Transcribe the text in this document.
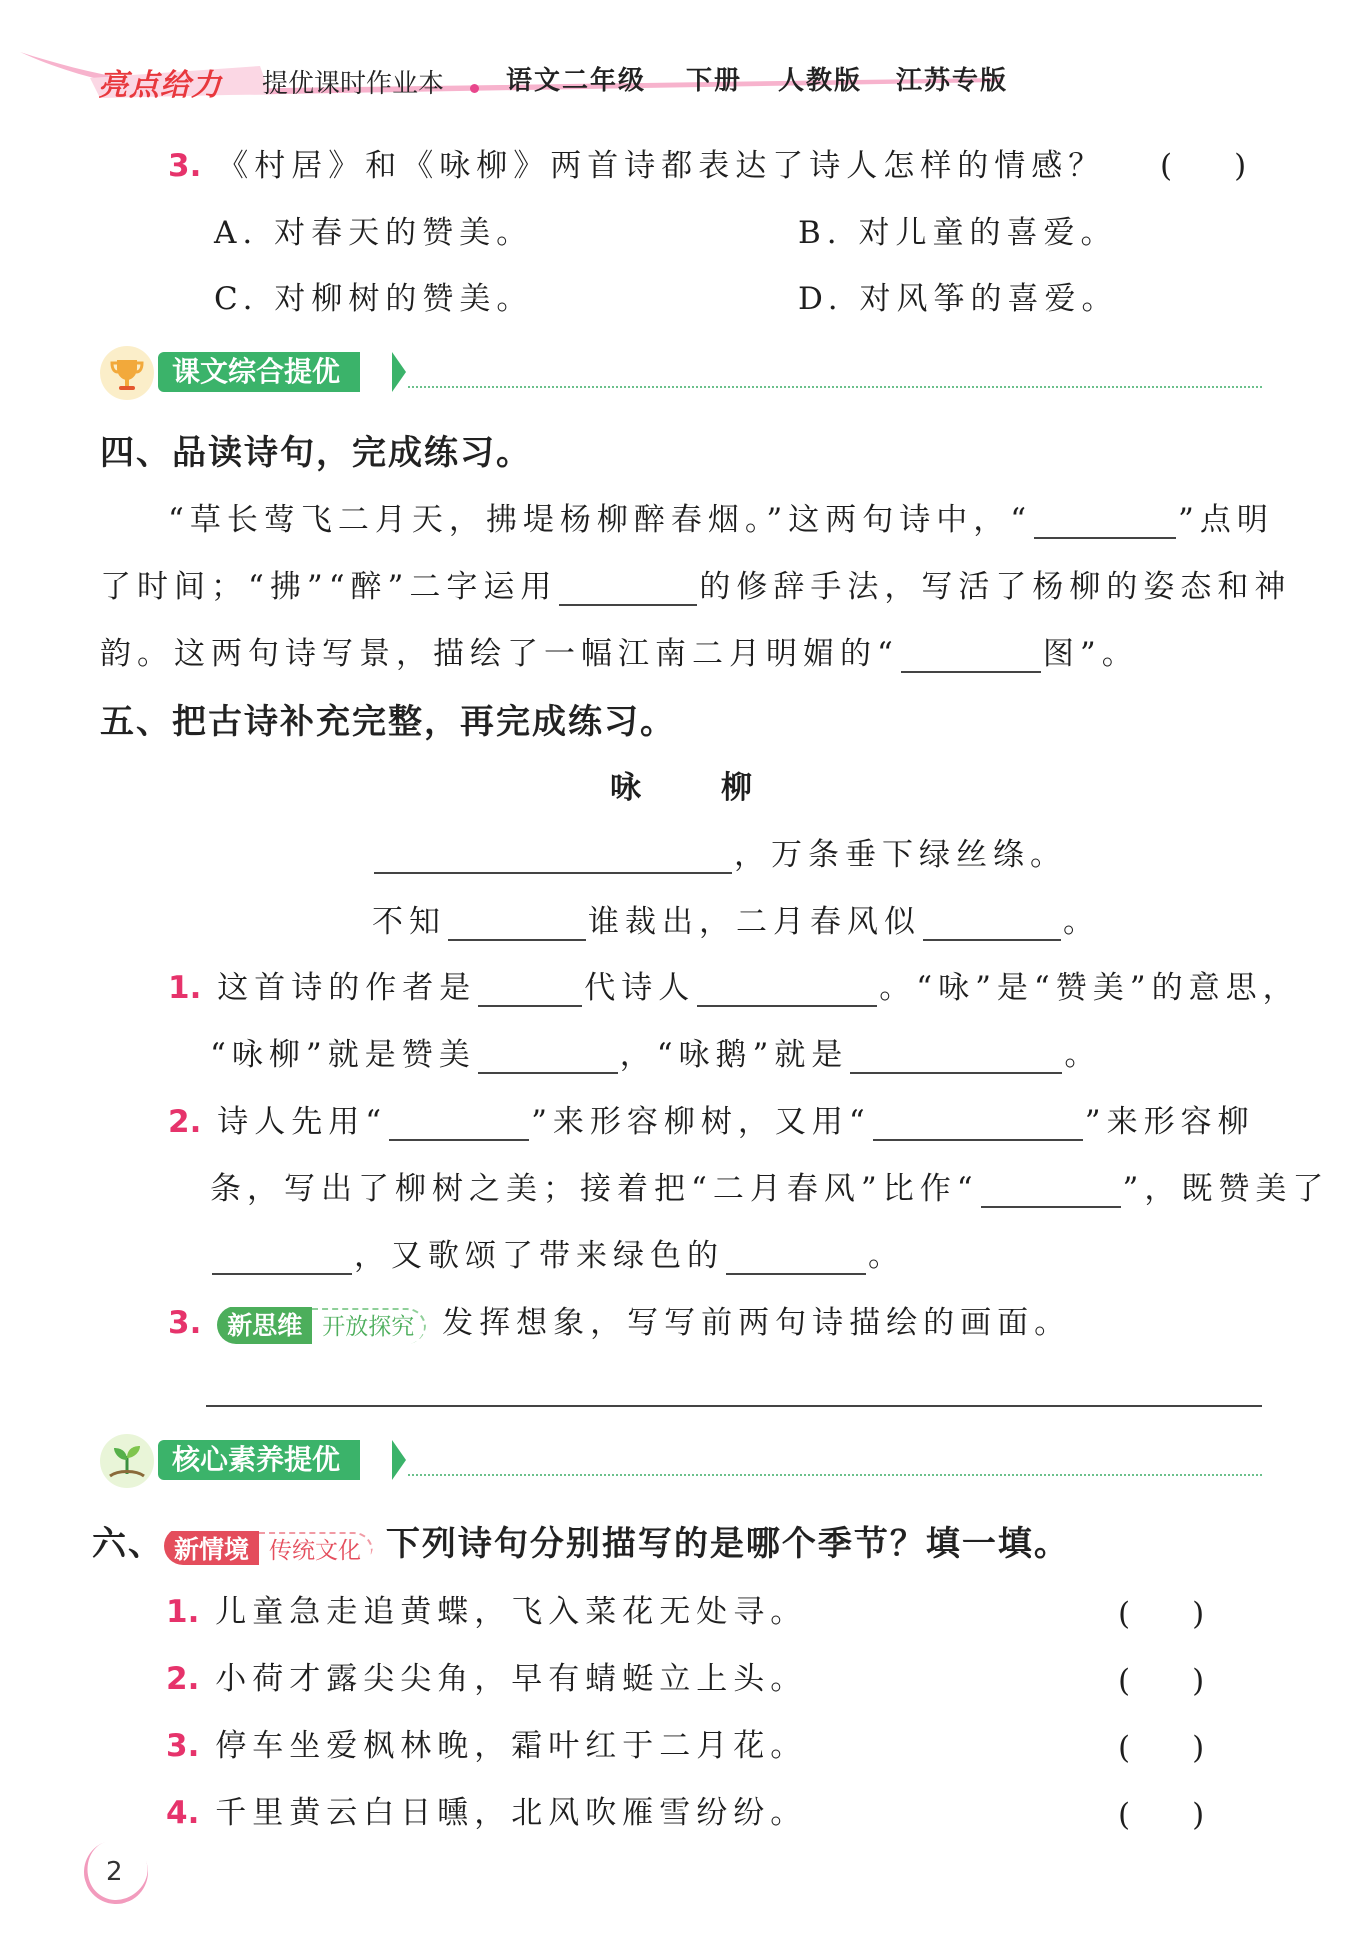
亮点给力 提优课时作业本 语文二年级 下册 人教版 江苏专版
3. 《村居》和《咏柳》两首诗都表达了诗人怎样的情感？ (　　)
A. 对春天的赞美。	B. 对儿童的喜爱。
C. 对柳树的赞美。	D. 对风筝的喜爱。
课文综合提优
四、品读诗句，完成练习。
“草长莺飞二月天，拂堤杨柳醉春烟。”这两句诗中，“	”点明
了时间；“拂”“醉”二字运用	的修辞手法，写活了杨柳的姿态和神
韵。这两句诗写景，描绘了一幅江南二月明媚的“	图”。
五、把古诗补充完整，再完成练习。
咏　　柳
，万条垂下绿丝绦。
不知	谁裁出，二月春风似	。
1. 这首诗的作者是	代诗人	。“咏”是“赞美”的意思，
“咏柳”就是赞美	，“咏鹅”就是	。
2. 诗人先用“	”来形容柳树，又用“	”来形容柳
条，写出了柳树之美；接着把“二月春风”比作“	”，既赞美了
，又歌颂了带来绿色的	。
3. 新思维 开放探究 发挥想象，写写前两句诗描绘的画面。
核心素养提优
六、 新情境 传统文化 下列诗句分别描写的是哪个季节？填一填。
1. 儿童急走追黄蝶，飞入菜花无处寻。	(　　)
2. 小荷才露尖尖角，早有蜻蜓立上头。	(　　)
3. 停车坐爱枫林晚，霜叶红于二月花。	(　　)
4. 千里黄云白日曛，北风吹雁雪纷纷。	(　　)
2
